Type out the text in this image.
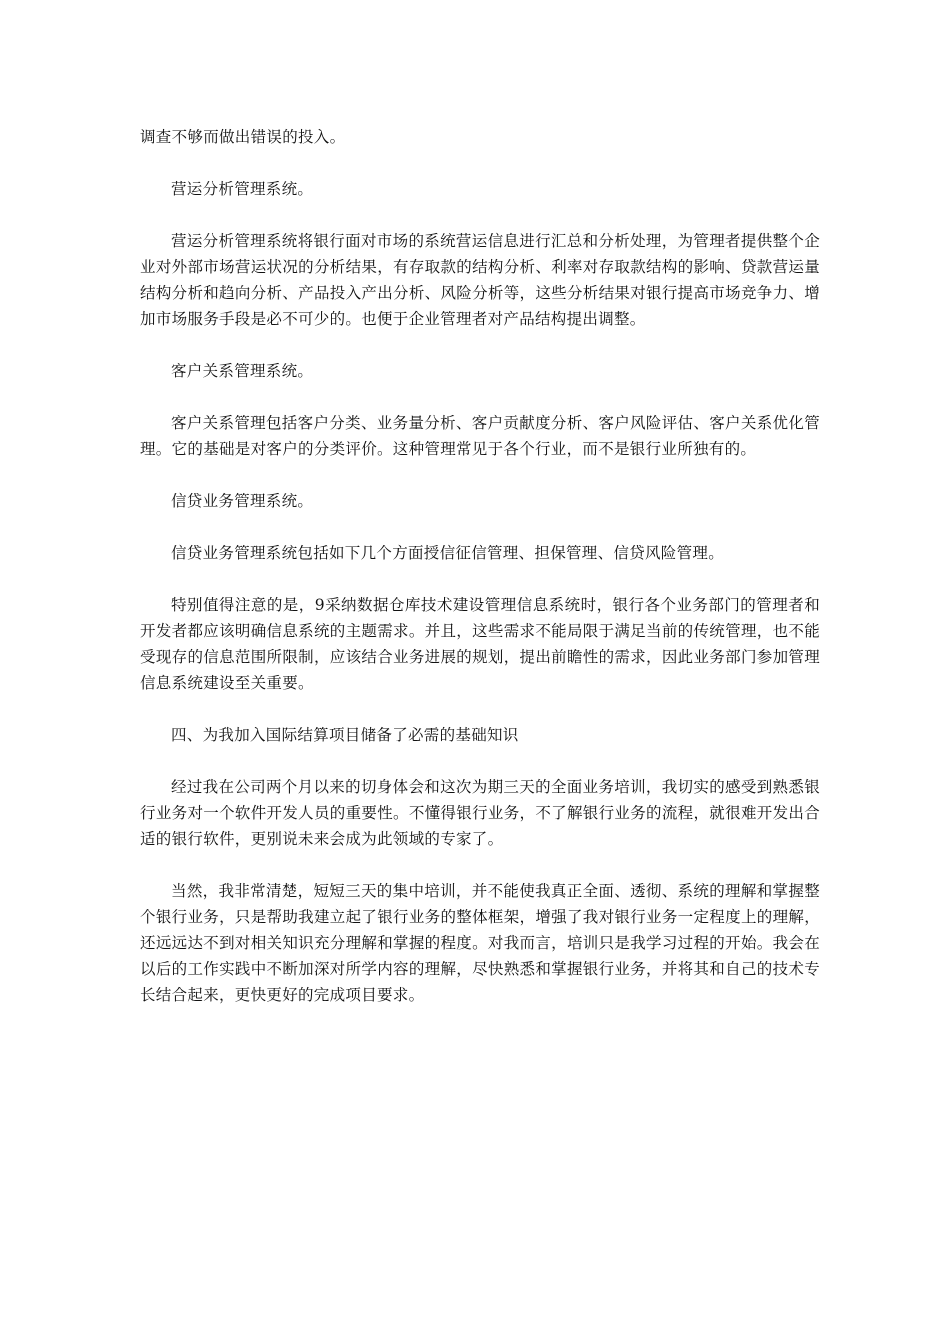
调查不够而做出错误的投入。

营运分析管理系统。

营运分析管理系统将银行面对市场的系统营运信息进行汇总和分析处理，为管理者提供整个企业对外部市场营运状况的分析结果，有存取款的结构分析、利率对存取款结构的影响、贷款营运量结构分析和趋向分析、产品投入产出分析、风险分析等，这些分析结果对银行提高市场竞争力、增加市场服务手段是必不可少的。也便于企业管理者对产品结构提出调整。

客户关系管理系统。

客户关系管理包括客户分类、业务量分析、客户贡献度分析、客户风险评估、客户关系优化管理。它的基础是对客户的分类评价。这种管理常见于各个行业，而不是银行业所独有的。

信贷业务管理系统。

信贷业务管理系统包括如下几个方面授信征信管理、担保管理、信贷风险管理。

特别值得注意的是，9采纳数据仓库技术建设管理信息系统时，银行各个业务部门的管理者和开发者都应该明确信息系统的主题需求。并且，这些需求不能局限于满足当前的传统管理，也不能受现存的信息范围所限制，应该结合业务进展的规划，提出前瞻性的需求，因此业务部门参加管理信息系统建设至关重要。

四、为我加入国际结算项目储备了必需的基础知识

经过我在公司两个月以来的切身体会和这次为期三天的全面业务培训，我切实的感受到熟悉银行业务对一个软件开发人员的重要性。不懂得银行业务，不了解银行业务的流程，就很难开发出合适的银行软件，更别说未来会成为此领域的专家了。

当然，我非常清楚，短短三天的集中培训，并不能使我真正全面、透彻、系统的理解和掌握整个银行业务，只是帮助我建立起了银行业务的整体框架，增强了我对银行业务一定程度上的理解，还远远达不到对相关知识充分理解和掌握的程度。对我而言，培训只是我学习过程的开始。我会在以后的工作实践中不断加深对所学内容的理解，尽快熟悉和掌握银行业务，并将其和自己的技术专长结合起来，更快更好的完成项目要求。
